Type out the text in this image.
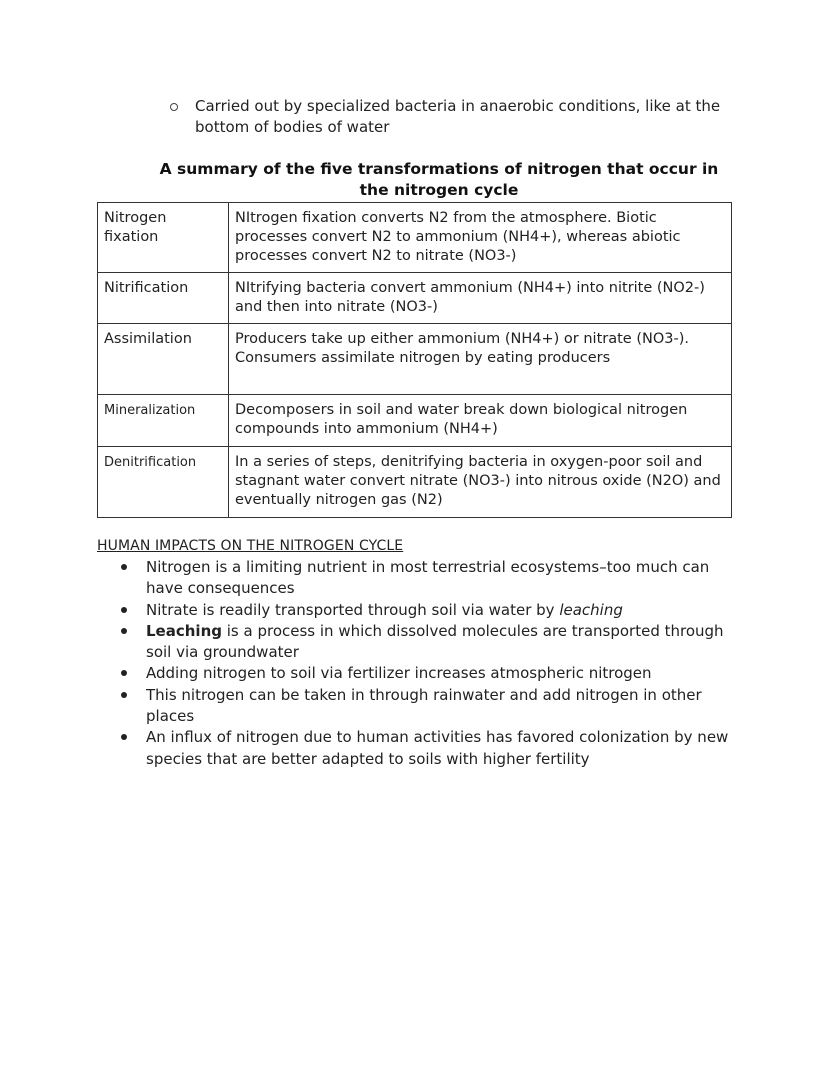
Carried out by specialized bacteria in anaerobic conditions, like at the bottom of bodies of water
A summary of the five transformations of nitrogen that occur in the nitrogen cycle
Nitrogen fixation	NItrogen fixation converts N2 from the atmosphere. Biotic processes convert N2 to ammonium (NH4+), whereas abiotic processes convert N2 to nitrate (NO3-)
Nitrification	NItrifying bacteria convert ammonium (NH4+) into nitrite (NO2-) and then into nitrate (NO3-)
Assimilation	Producers take up either ammonium (NH4+) or nitrate (NO3-). Consumers assimilate nitrogen by eating producers
Mineralization	Decomposers in soil and water break down biological nitrogen compounds into ammonium (NH4+)
Denitrification	In a series of steps, denitrifying bacteria in oxygen-poor soil and stagnant water convert nitrate (NO3-) into nitrous oxide (N2O) and eventually nitrogen gas (N2)
HUMAN IMPACTS ON THE NITROGEN CYCLE
Nitrogen is a limiting nutrient in most terrestrial ecosystems–too much can have consequences
Nitrate is readily transported through soil via water by leaching
Leaching is a process in which dissolved molecules are transported through soil via groundwater
Adding nitrogen to soil via fertilizer increases atmospheric nitrogen
This nitrogen can be taken in through rainwater and add nitrogen in other places
An influx of nitrogen due to human activities has favored colonization by new species that are better adapted to soils with higher fertility
